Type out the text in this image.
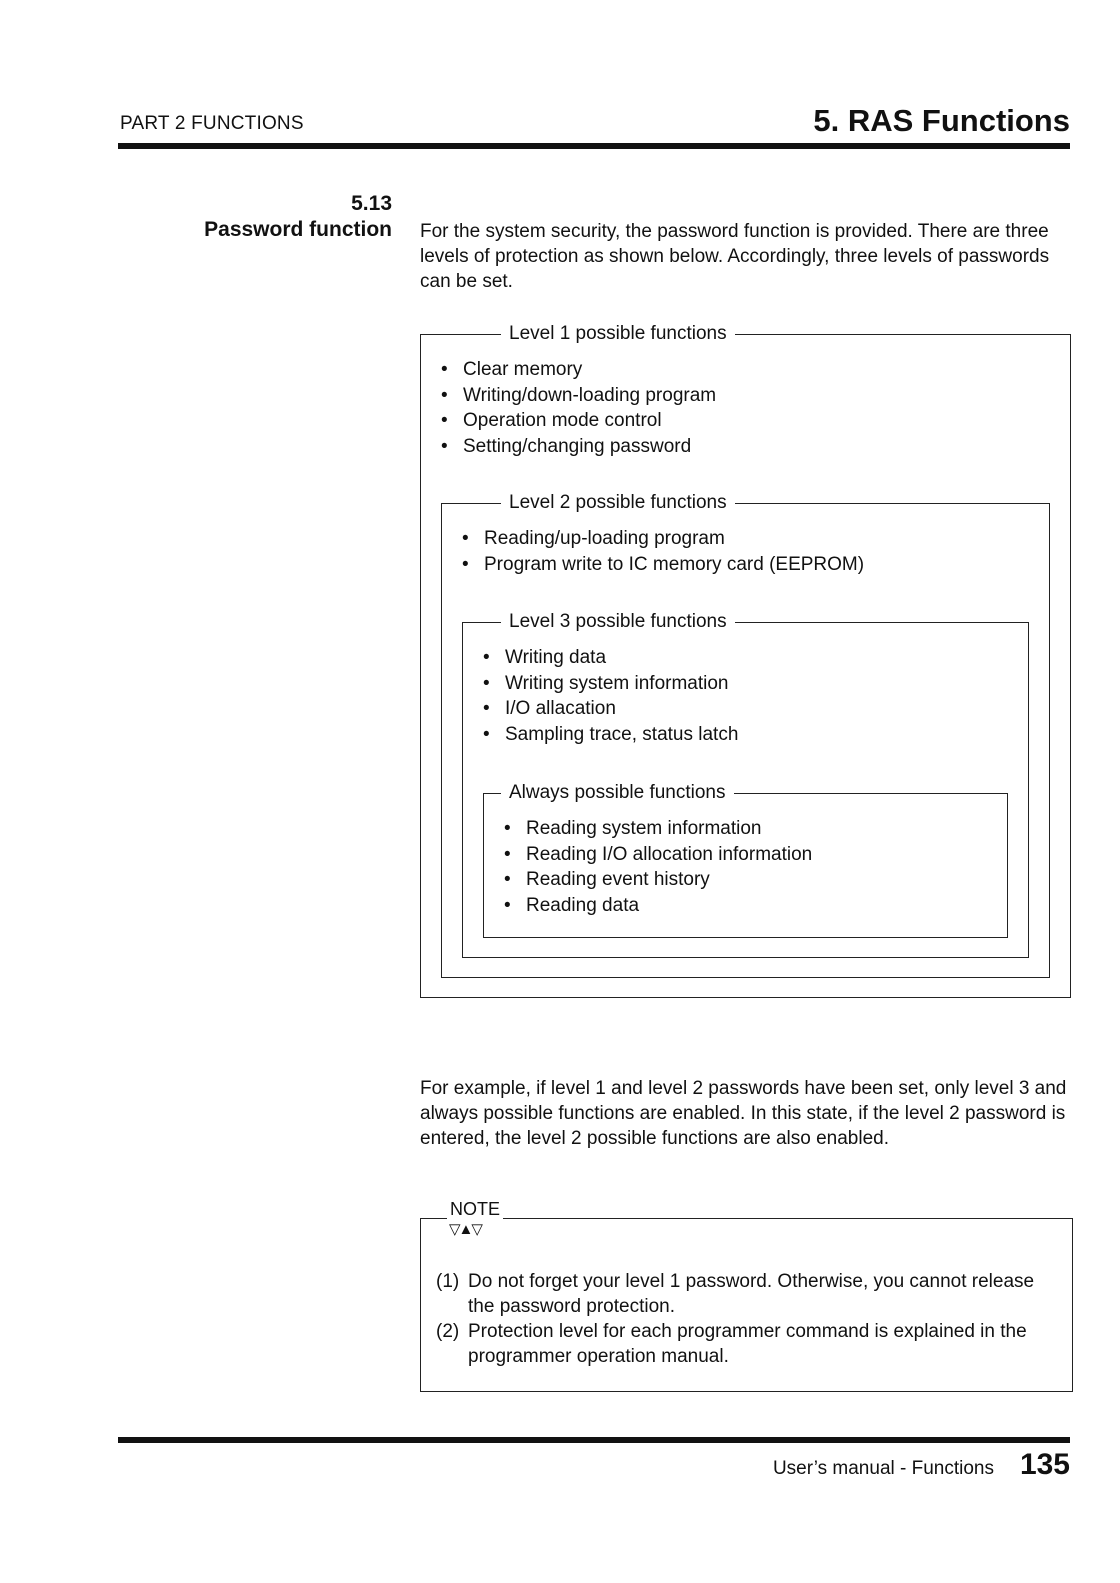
PART 2 FUNCTIONS	5. RAS Functions
5.13
Password function For the system security, the password function is provided. There are three levels of protection as shown below. Accordingly, three levels of passwords can be set.
Level 1 possible functions
• Clear memory
• Writing/down-loading program
• Operation mode control
• Setting/changing password
Level 2 possible functions
• Reading/up-loading program
• Program write to IC memory card (EEPROM)
Level 3 possible functions
• Writing data
• Writing system information
• I/O allacation
• Sampling trace, status latch
Always possible functions
• Reading system information
• Reading I/O allocation information
• Reading event history
• Reading data
For example, if level 1 and level 2 passwords have been set, only level 3 and always possible functions are enabled. In this state, if the level 2 password is entered, the level 2 possible functions are also enabled.
NOTE
▽▲▽
(1) Do not forget your level 1 password. Otherwise, you cannot release the password protection.
(2) Protection level for each programmer command is explained in the programmer operation manual.
User’s manual - Functions 135
